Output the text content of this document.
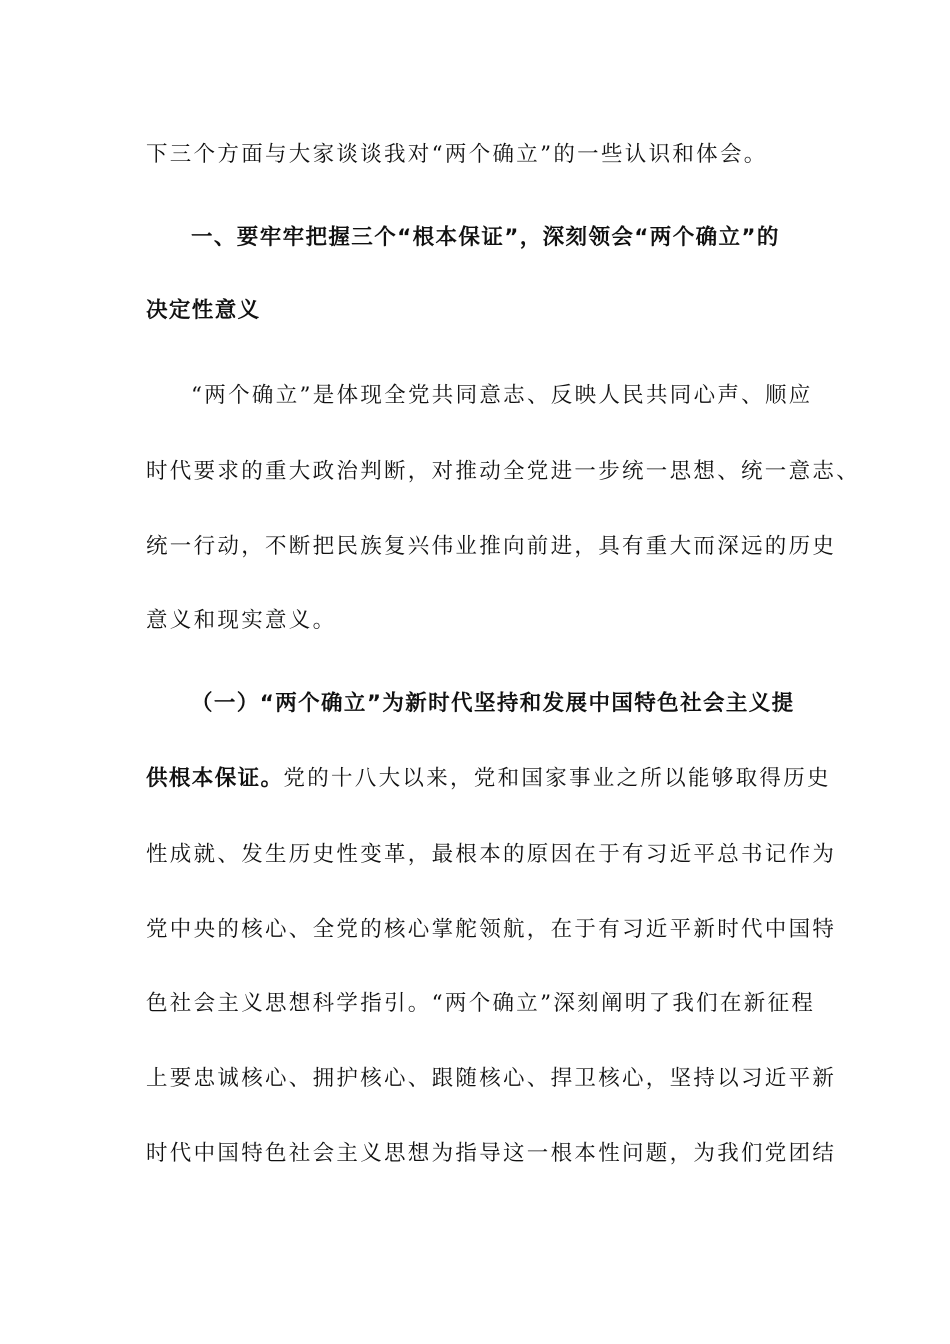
下三个方面与大家谈谈我对“两个确立”的一些认识和体会。
一、要牢牢把握三个“根本保证”，深刻领会“两个确立”的
决定性意义
“两个确立”是体现全党共同意志、反映人民共同心声、顺应
时代要求的重大政治判断，对推动全党进一步统一思想、统一意志、
统一行动，不断把民族复兴伟业推向前进，具有重大而深远的历史
意义和现实意义。
（一）“两个确立”为新时代坚持和发展中国特色社会主义提
供根本保证。党的十八大以来，党和国家事业之所以能够取得历史
性成就、发生历史性变革，最根本的原因在于有习近平总书记作为
党中央的核心、全党的核心掌舵领航，在于有习近平新时代中国特
色社会主义思想科学指引。“两个确立”深刻阐明了我们在新征程
上要忠诚核心、拥护核心、跟随核心、捍卫核心，坚持以习近平新
时代中国特色社会主义思想为指导这一根本性问题，为我们党团结
